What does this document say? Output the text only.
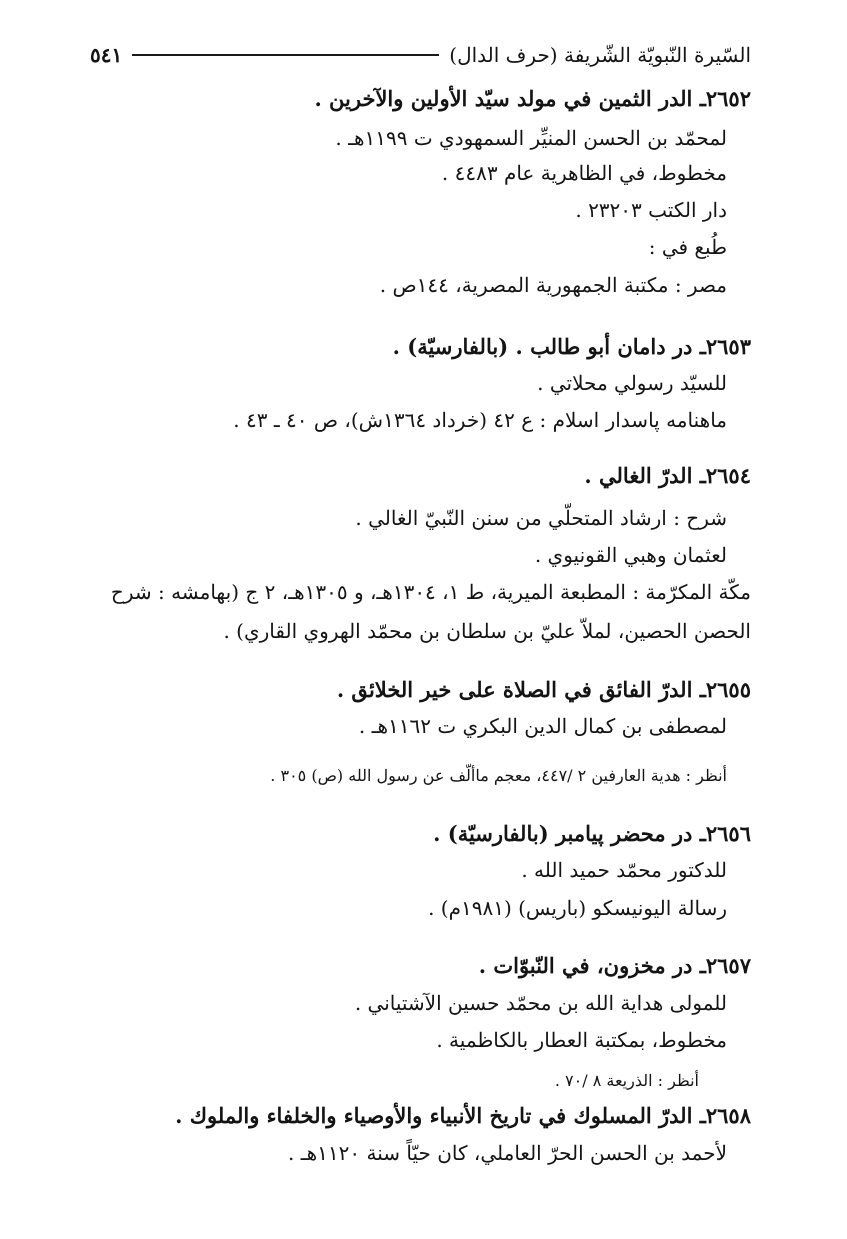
السّيرة النّبويّة الشّريفة (حرف الدال)
٥٤١
٢٦٥٢ـ الدر الثمين في مولد سيّد الأولين والآخرين .
لمحمّد بن الحسن المنيِّر السمهودي ت ١١٩٩هـ .
مخطوط، في الظاهرية عام ٤٤٨٣ .
دار الكتب ٢٣٢٠٣ .
طُبع في :
مصر : مكتبة الجمهورية المصرية، ١٤٤ص .
٢٦٥٣ـ در دامان أبو طالب . (بالفارسيّة) .
للسيّد رسولي محلاتي .
ماهنامه پاسدار اسلام : ع ٤٢ (خرداد ١٣٦٤ش)، ص ٤٠ ـ ٤٣ .
٢٦٥٤ـ الدرّ الغالي .
شرح : ارشاد المتحلّي من سنن النّبيّ الغالي .
لعثمان وهبي القونيوي .
مكّة المكرّمة : المطبعة الميرية، ط ١، ١٣٠٤هـ، و ١٣٠٥هـ، ٢ ج (بهامشه : شرح
الحصن الحصين، لملاّ عليّ بن سلطان بن محمّد الهروي القاري) .
٢٦٥٥ـ الدرّ الفائق في الصلاة على خير الخلائق .
لمصطفى بن كمال الدين البكري ت ١١٦٢هـ .
أنظر : هدية العارفين ٢ /٤٤٧، معجم ماألّف عن رسول الله (ص) ٣٠٥ .
٢٦٥٦ـ در محضر پيامبر (بالفارسيّة) .
للدكتور محمّد حميد الله .
رسالة اليونيسكو (باريس) (١٩٨١م) .
٢٦٥٧ـ در مخزون، في النّبوّات .
للمولى هداية الله بن محمّد حسين الآشتياني .
مخطوط، بمكتبة العطار بالكاظمية .
أنظر : الذريعة ٨ /٧٠ .
٢٦٥٨ـ الدرّ المسلوك في تاريخ الأنبياء والأوصياء والخلفاء والملوك .
لأحمد بن الحسن الحرّ العاملي، كان حيّاً سنة ١١٢٠هـ .
